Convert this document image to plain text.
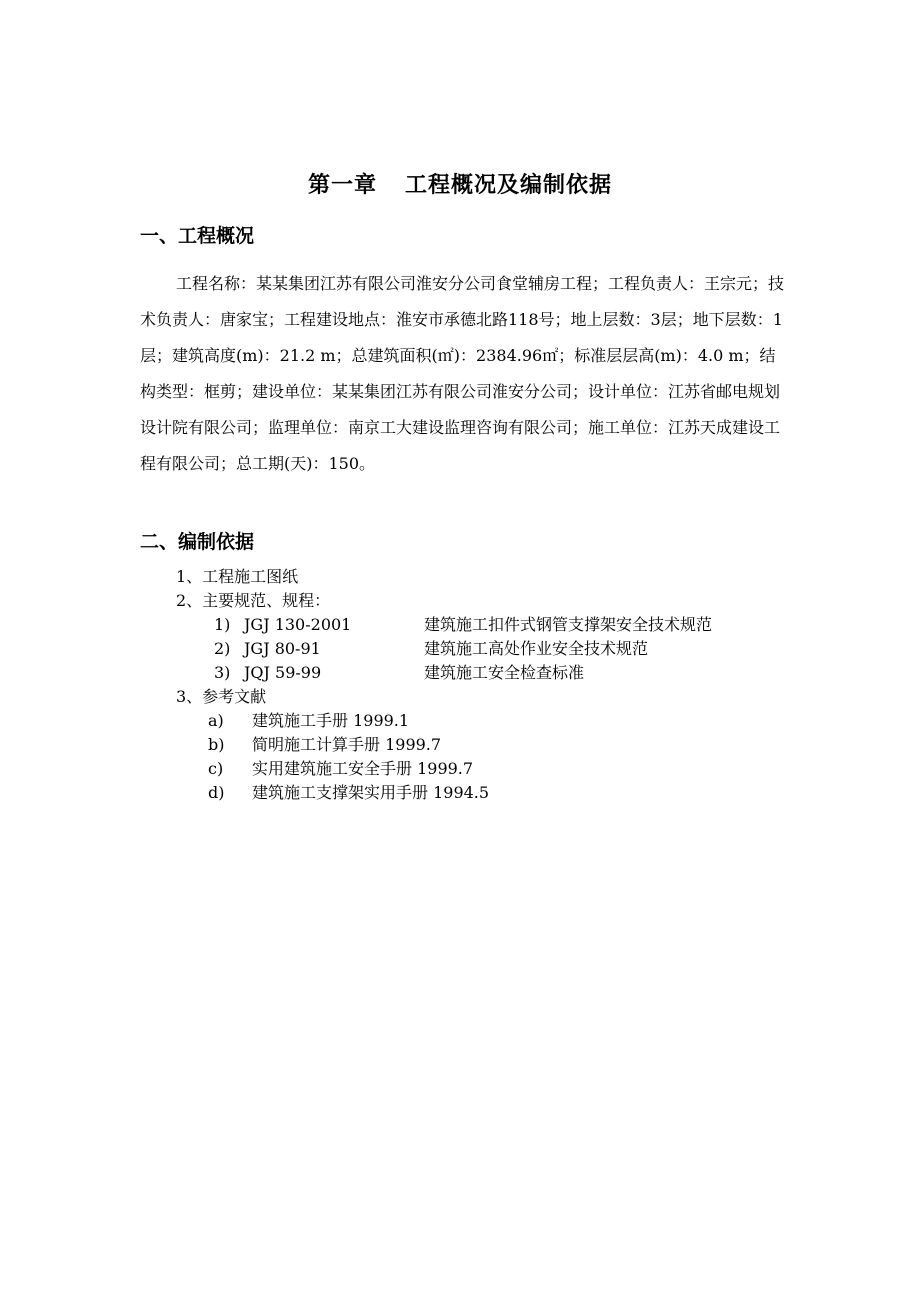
第一章 工程概况及编制依据
一、工程概况
工程名称：某某集团江苏有限公司淮安分公司食堂辅房工程；工程负责人：王宗元；技术负责人：唐家宝；工程建设地点：淮安市承德北路118号；地上层数：3层；地下层数：1层；建筑高度(m)：21.2 m；总建筑面积(㎡)：2384.96㎡；标准层层高(m)：4.0 m；结构类型：框剪；建设单位：某某集团江苏有限公司淮安分公司；设计单位：江苏省邮电规划设计院有限公司；监理单位：南京工大建设监理咨询有限公司；施工单位：江苏天成建设工程有限公司；总工期(天)：150。
二、编制依据
1、工程施工图纸
2、主要规范、规程：
1) JGJ 130-2001	建筑施工扣件式钢管支撑架安全技术规范
2) JGJ 80-91	建筑施工高处作业安全技术规范
3) JQJ 59-99	建筑施工安全检查标准
3、参考文献
a) 建筑施工手册 1999.1
b) 简明施工计算手册 1999.7
c) 实用建筑施工安全手册 1999.7
d) 建筑施工支撑架实用手册 1994.5
